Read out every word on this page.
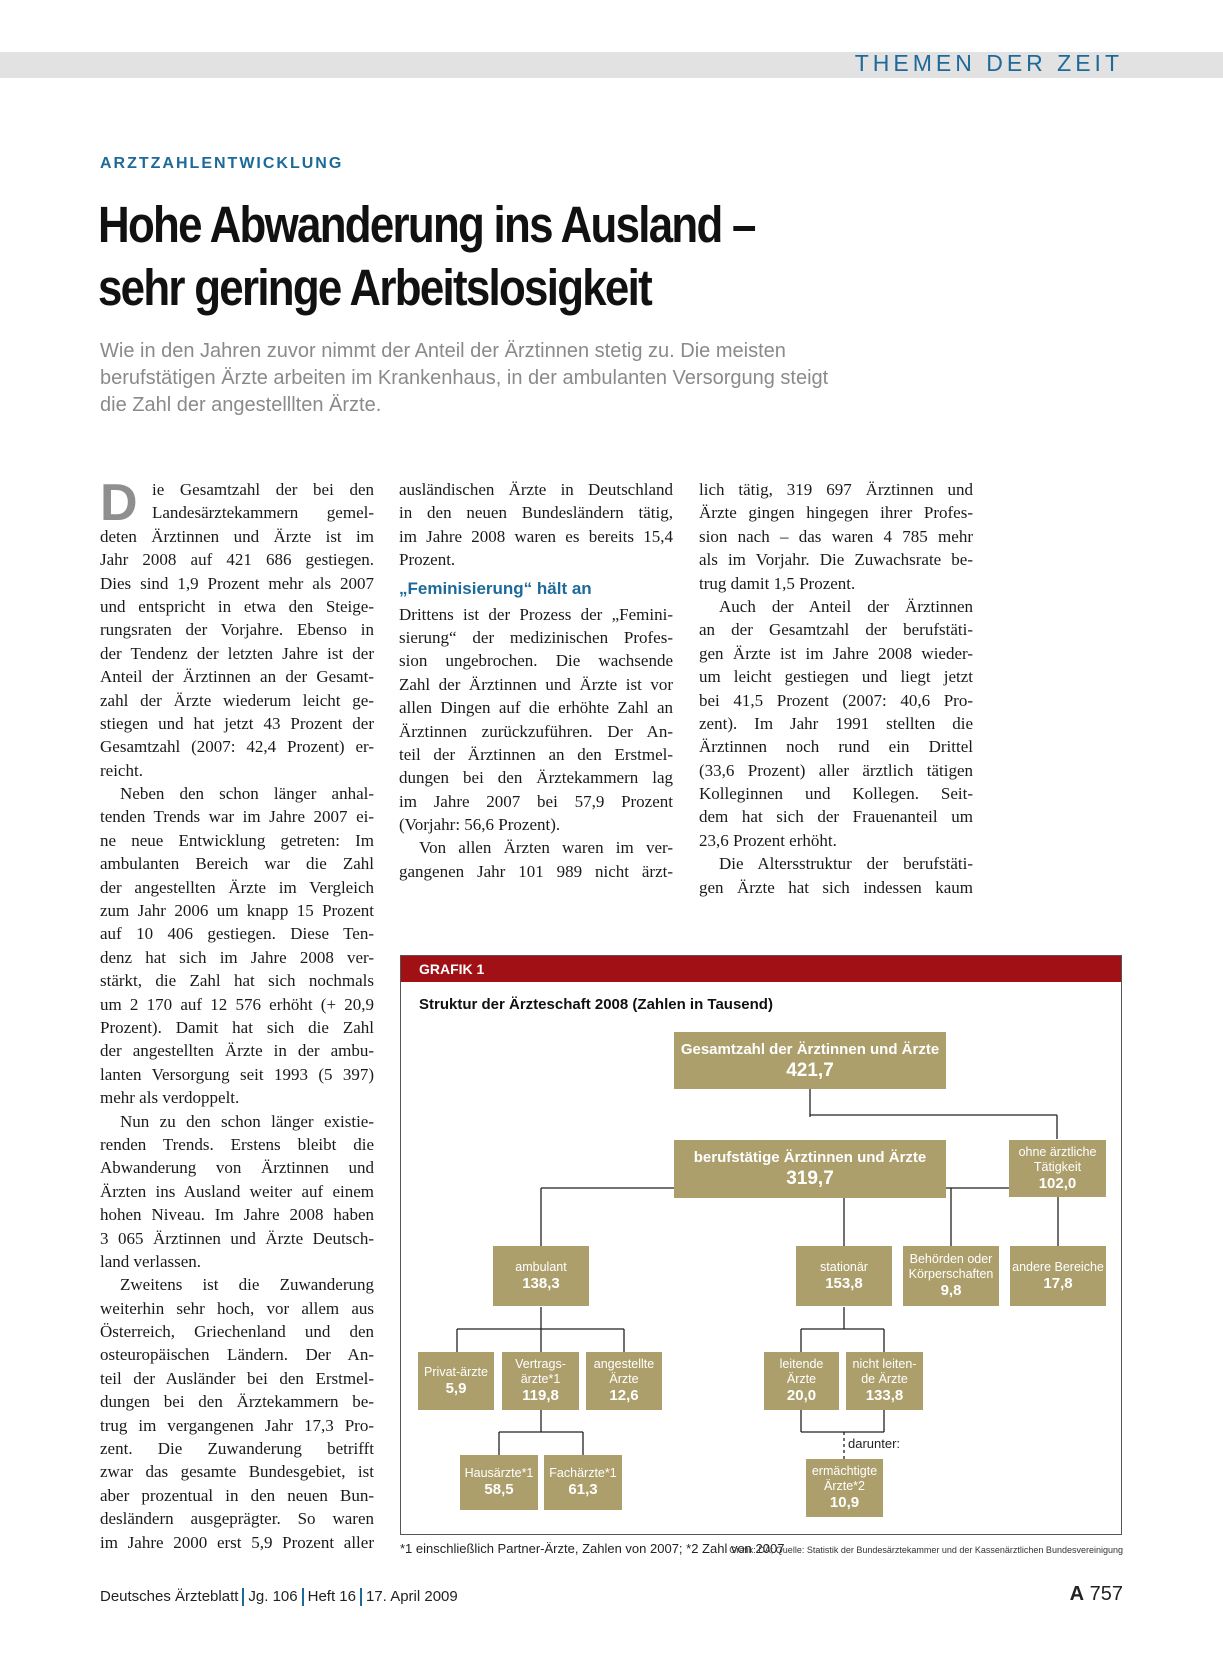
THEMEN DER ZEIT
ARZTZAHLENTWICKLUNG
Hohe Abwanderung ins Ausland –
sehr geringe Arbeitslosigkeit
Wie in den Jahren zuvor nimmt der Anteil der Ärztinnen stetig zu. Die meisten
berufstätigen Ärzte arbeiten im Krankenhaus, in der ambulanten Versorgung steigt
die Zahl der angestelllten Ärzte.
D ie Gesamtzahl der bei den
Landesärztekammern gemel-
deten Ärztinnen und Ärzte ist im
Jahr 2008 auf 421 686 gestiegen.
Dies sind 1,9 Prozent mehr als 2007
und entspricht in etwa den Steige-
rungsraten der Vorjahre. Ebenso in
der Tendenz der letzten Jahre ist der
Anteil der Ärztinnen an der Gesamt-
zahl der Ärzte wiederum leicht ge-
stiegen und hat jetzt 43 Prozent der
Gesamtzahl (2007: 42,4 Prozent) er-
reicht.
Neben den schon länger anhal-
tenden Trends war im Jahre 2007 ei-
ne neue Entwicklung getreten: Im
ambulanten Bereich war die Zahl
der angestellten Ärzte im Vergleich
zum Jahr 2006 um knapp 15 Prozent
auf 10 406 gestiegen. Diese Ten-
denz hat sich im Jahre 2008 ver-
stärkt, die Zahl hat sich nochmals
um 2 170 auf 12 576 erhöht (+ 20,9
Prozent). Damit hat sich die Zahl
der angestellten Ärzte in der ambu-
lanten Versorgung seit 1993 (5 397)
mehr als verdoppelt.
Nun zu den schon länger existie-
renden Trends. Erstens bleibt die
Abwanderung von Ärztinnen und
Ärzten ins Ausland weiter auf einem
hohen Niveau. Im Jahre 2008 haben
3 065 Ärztinnen und Ärzte Deutsch-
land verlassen.
Zweitens ist die Zuwanderung
weiterhin sehr hoch, vor allem aus
Österreich, Griechenland und den
osteuropäischen Ländern. Der An-
teil der Ausländer bei den Erstmel-
dungen bei den Ärztekammern be-
trug im vergangenen Jahr 17,3 Pro-
zent. Die Zuwanderung betrifft
zwar das gesamte Bundesgebiet, ist
aber prozentual in den neuen Bun-
desländern ausgeprägter. So waren
im Jahre 2000 erst 5,9 Prozent aller
ausländischen Ärzte in Deutschland
in den neuen Bundesländern tätig,
im Jahre 2008 waren es bereits 15,4
Prozent.
„Feminisierung“ hält an
Drittens ist der Prozess der „Femini-
sierung“ der medizinischen Profes-
sion ungebrochen. Die wachsende
Zahl der Ärztinnen und Ärzte ist vor
allen Dingen auf die erhöhte Zahl an
Ärztinnen zurückzuführen. Der An-
teil der Ärztinnen an den Erstmel-
dungen bei den Ärztekammern lag
im Jahre 2007 bei 57,9 Prozent
(Vorjahr: 56,6 Prozent).
Von allen Ärzten waren im ver-
gangenen Jahr 101 989 nicht ärzt-
lich tätig, 319 697 Ärztinnen und
Ärzte gingen hingegen ihrer Profes-
sion nach – das waren 4 785 mehr
als im Vorjahr. Die Zuwachsrate be-
trug damit 1,5 Prozent.
Auch der Anteil der Ärztinnen
an der Gesamtzahl der berufstäti-
gen Ärzte ist im Jahre 2008 wieder-
um leicht gestiegen und liegt jetzt
bei 41,5 Prozent (2007: 40,6 Pro-
zent). Im Jahr 1991 stellten die
Ärztinnen noch rund ein Drittel
(33,6 Prozent) aller ärztlich tätigen
Kolleginnen und Kollegen. Seit-
dem hat sich der Frauenanteil um
23,6 Prozent erhöht.
Die Altersstruktur der berufstäti-
gen Ärzte hat sich indessen kaum
GRAFIK 1
Struktur der Ärzteschaft 2008 (Zahlen in Tausend)
Gesamtzahl der Ärztinnen und Ärzte
421,7
berufstätige Ärztinnen und Ärzte
319,7
ohne ärztliche Tätigkeit
102,0
ambulant
138,3
stationär
153,8
Behörden oder Körperschaften
9,8
andere Bereiche
17,8
Privat-ärzte
5,9
Vertrags-ärzte*1
119,8
angestellte Ärzte
12,6
leitende Ärzte
20,0
nicht leiten-de Ärzte
133,8
Hausärzte*1
58,5
Fachärzte*1
61,3
ermächtigte Ärzte*2
10,9
darunter:
*1 einschließlich Partner-Ärzte, Zahlen von 2007; *2 Zahl von 2007
Grafik: DÄ; Quelle: Statistik der Bundesärztekammer und der Kassenärztlichen Bundesvereinigung
Deutsches Ärzteblatt Jg. 106 Heft 16 17. April 2009	A 757
